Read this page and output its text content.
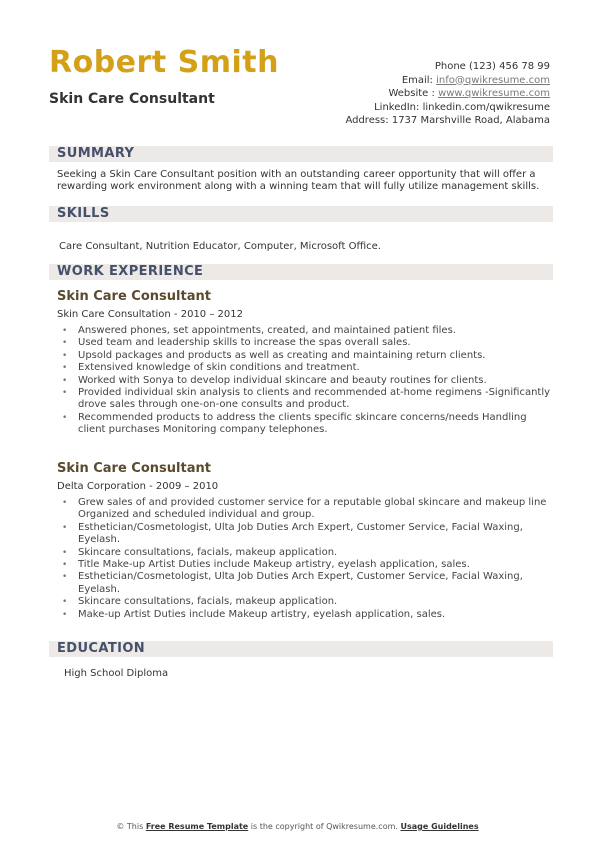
Robert Smith
Skin Care Consultant
Phone (123) 456 78 99
Email: info@qwikresume.com
Website : www.qwikresume.com
LinkedIn: linkedin.com/qwikresume
Address: 1737 Marshville Road, Alabama
SUMMARY
Seeking a Skin Care Consultant position with an outstanding career opportunity that will offer a rewarding work environment along with a winning team that will fully utilize management skills.
SKILLS
Care Consultant, Nutrition Educator, Computer, Microsoft Office.
WORK EXPERIENCE
Skin Care Consultant
Skin Care Consultation - 2010 – 2012
• Answered phones, set appointments, created, and maintained patient files.
• Used team and leadership skills to increase the spas overall sales.
• Upsold packages and products as well as creating and maintaining return clients.
• Extensived knowledge of skin conditions and treatment.
• Worked with Sonya to develop individual skincare and beauty routines for clients.
• Provided individual skin analysis to clients and recommended at-home regimens -Significantly drove sales through one-on-one consults and product.
• Recommended products to address the clients specific skincare concerns/needs Handling client purchases Monitoring company telephones.
Skin Care Consultant
Delta Corporation - 2009 – 2010
• Grew sales of and provided customer service for a reputable global skincare and makeup line Organized and scheduled individual and group.
• Esthetician/Cosmetologist, Ulta Job Duties Arch Expert, Customer Service, Facial Waxing, Eyelash.
• Skincare consultations, facials, makeup application.
• Title Make-up Artist Duties include Makeup artistry, eyelash application, sales.
• Esthetician/Cosmetologist, Ulta Job Duties Arch Expert, Customer Service, Facial Waxing, Eyelash.
• Skincare consultations, facials, makeup application.
• Make-up Artist Duties include Makeup artistry, eyelash application, sales.
EDUCATION
High School Diploma
© This Free Resume Template is the copyright of Qwikresume.com. Usage Guidelines
